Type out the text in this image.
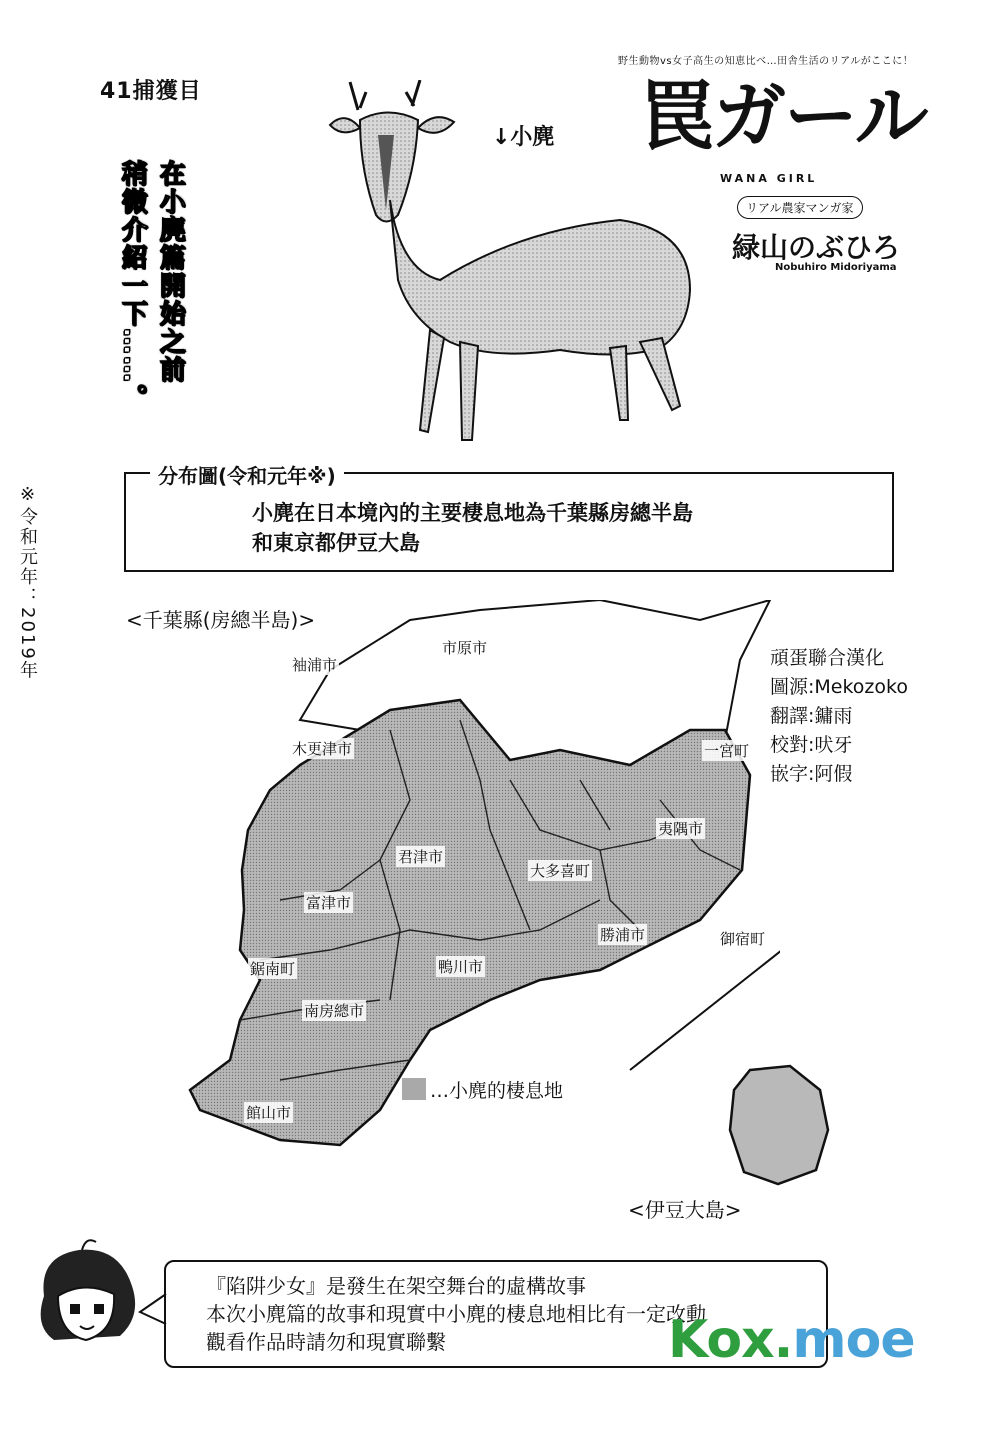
41捕獲目
野生動物vs女子高生の知恵比べ…田舎生活のリアルがここに！
罠ガール
WANA GIRL
リアル農家マンガ家
緑山のぶひろ
Nobuhiro Midoriyama
↓小麂
在小麂篇開始之前
稍微介紹一下……。
※令和元年：2019年
分布圖(令和元年※)
小麂在日本境內的主要棲息地為千葉縣房總半島
和東京都伊豆大島
<千葉縣(房總半島)>
<伊豆大島>
…小麂的棲息地
袖浦市
市原市
木更津市	一宮町
夷隅市
君津市
大多喜町
富津市
勝浦市	御宿町
鋸南町	鴨川市
南房總市
館山市
頑蛋聯合漢化
圖源:Mekozoko
翻譯:鏞雨
校對:吠牙
嵌字:阿假
『陷阱少女』是發生在架空舞台的虛構故事
本次小麂篇的故事和現實中小麂的棲息地相比有一定改動
觀看作品時請勿和現實聯繫	Kox.moe
